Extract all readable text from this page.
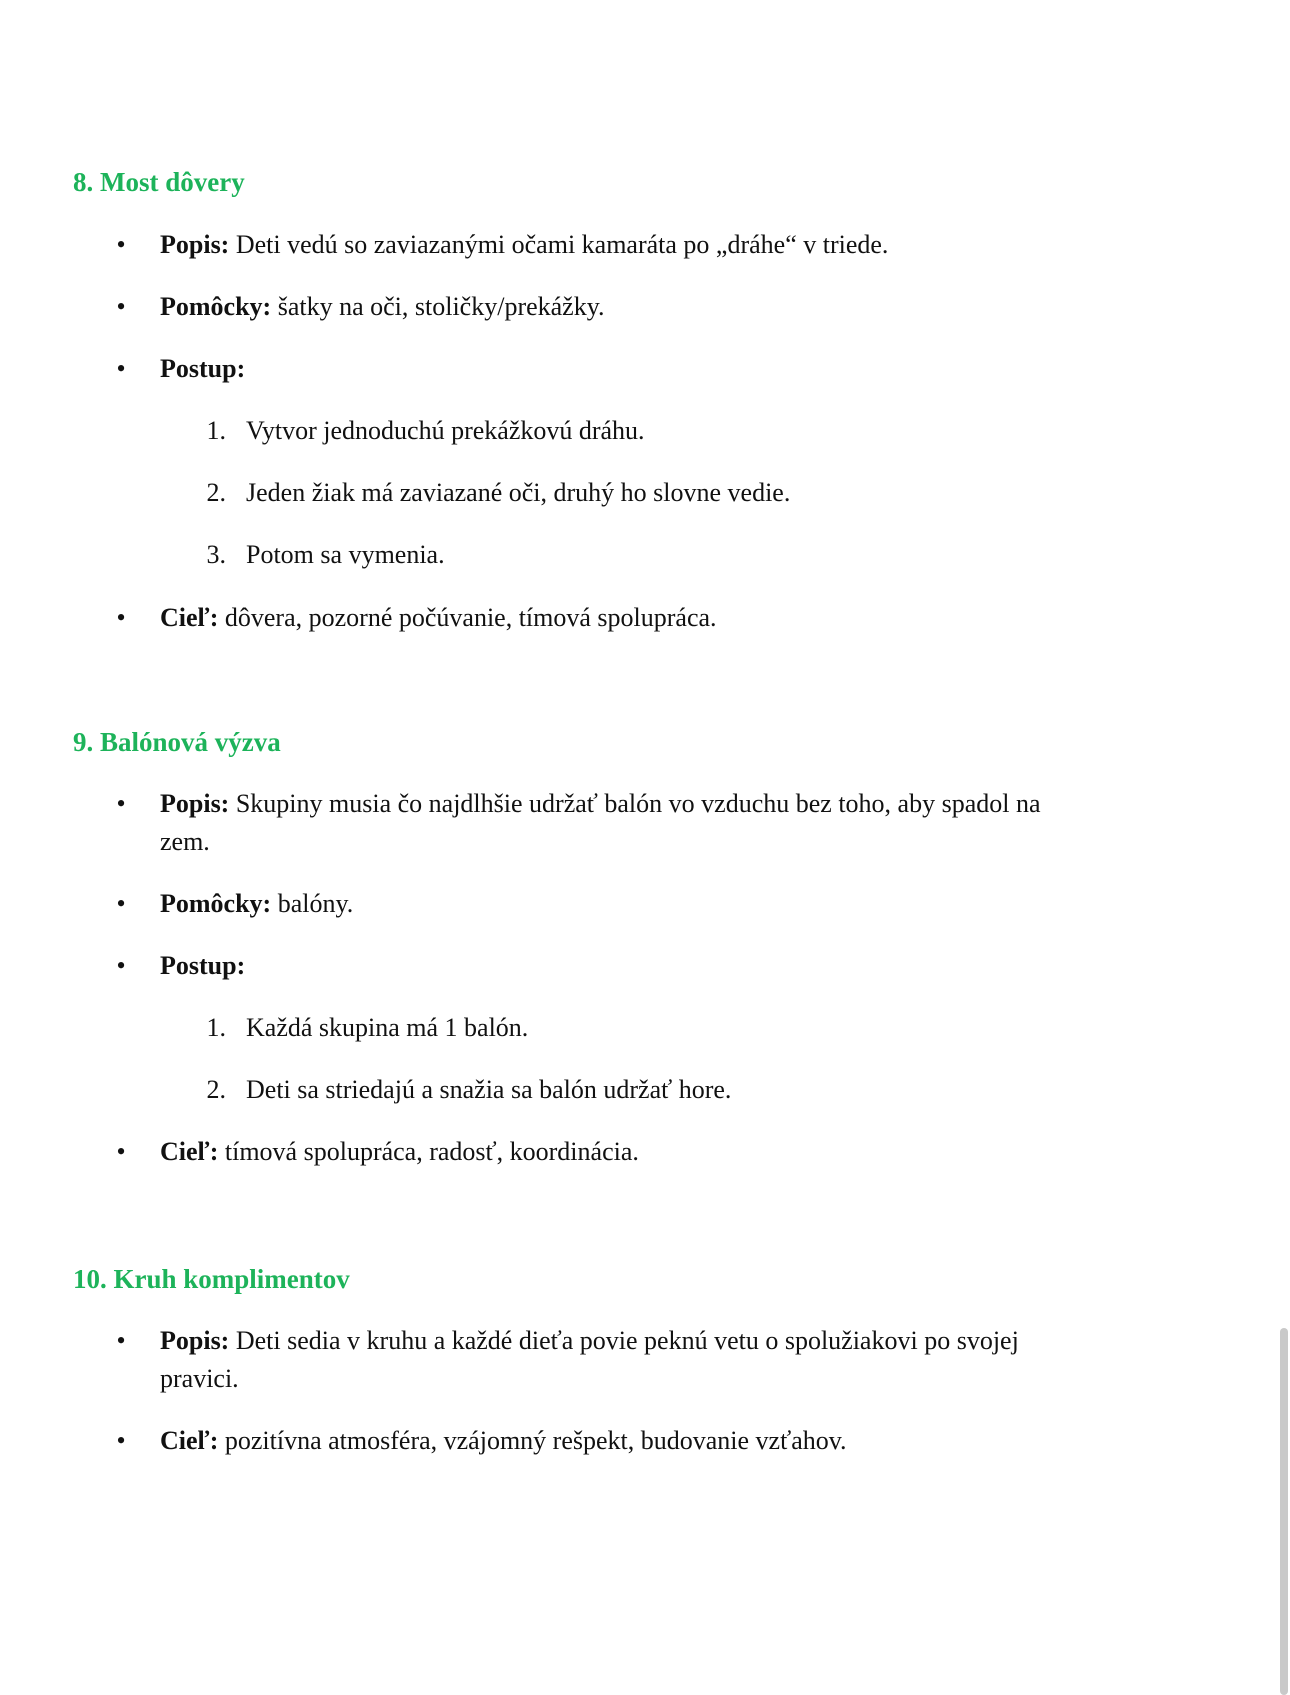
8. Most dôvery
•
Popis: Deti vedú so zaviazanými očami kamaráta po „dráhe“ v triede.
•
Pomôcky: šatky na oči, stoličky/prekážky.
•
Postup:
1. Vytvor jednoduchú prekážkovú dráhu.
2. Jeden žiak má zaviazané oči, druhý ho slovne vedie.
3. Potom sa vymenia.
•
Cieľ: dôvera, pozorné počúvanie, tímová spolupráca.
9. Balónová výzva
•
Popis: Skupiny musia čo najdlhšie udržať balón vo vzduchu bez toho, aby spadol na
zem.
•
Pomôcky: balóny.
•
Postup:
1. Každá skupina má 1 balón.
2. Deti sa striedajú a snažia sa balón udržať hore.
•
Cieľ: tímová spolupráca, radosť, koordinácia.
10. Kruh komplimentov
•
Popis: Deti sedia v kruhu a každé dieťa povie peknú vetu o spolužiakovi po svojej
pravici.
•
Cieľ: pozitívna atmosféra, vzájomný rešpekt, budovanie vzťahov.
